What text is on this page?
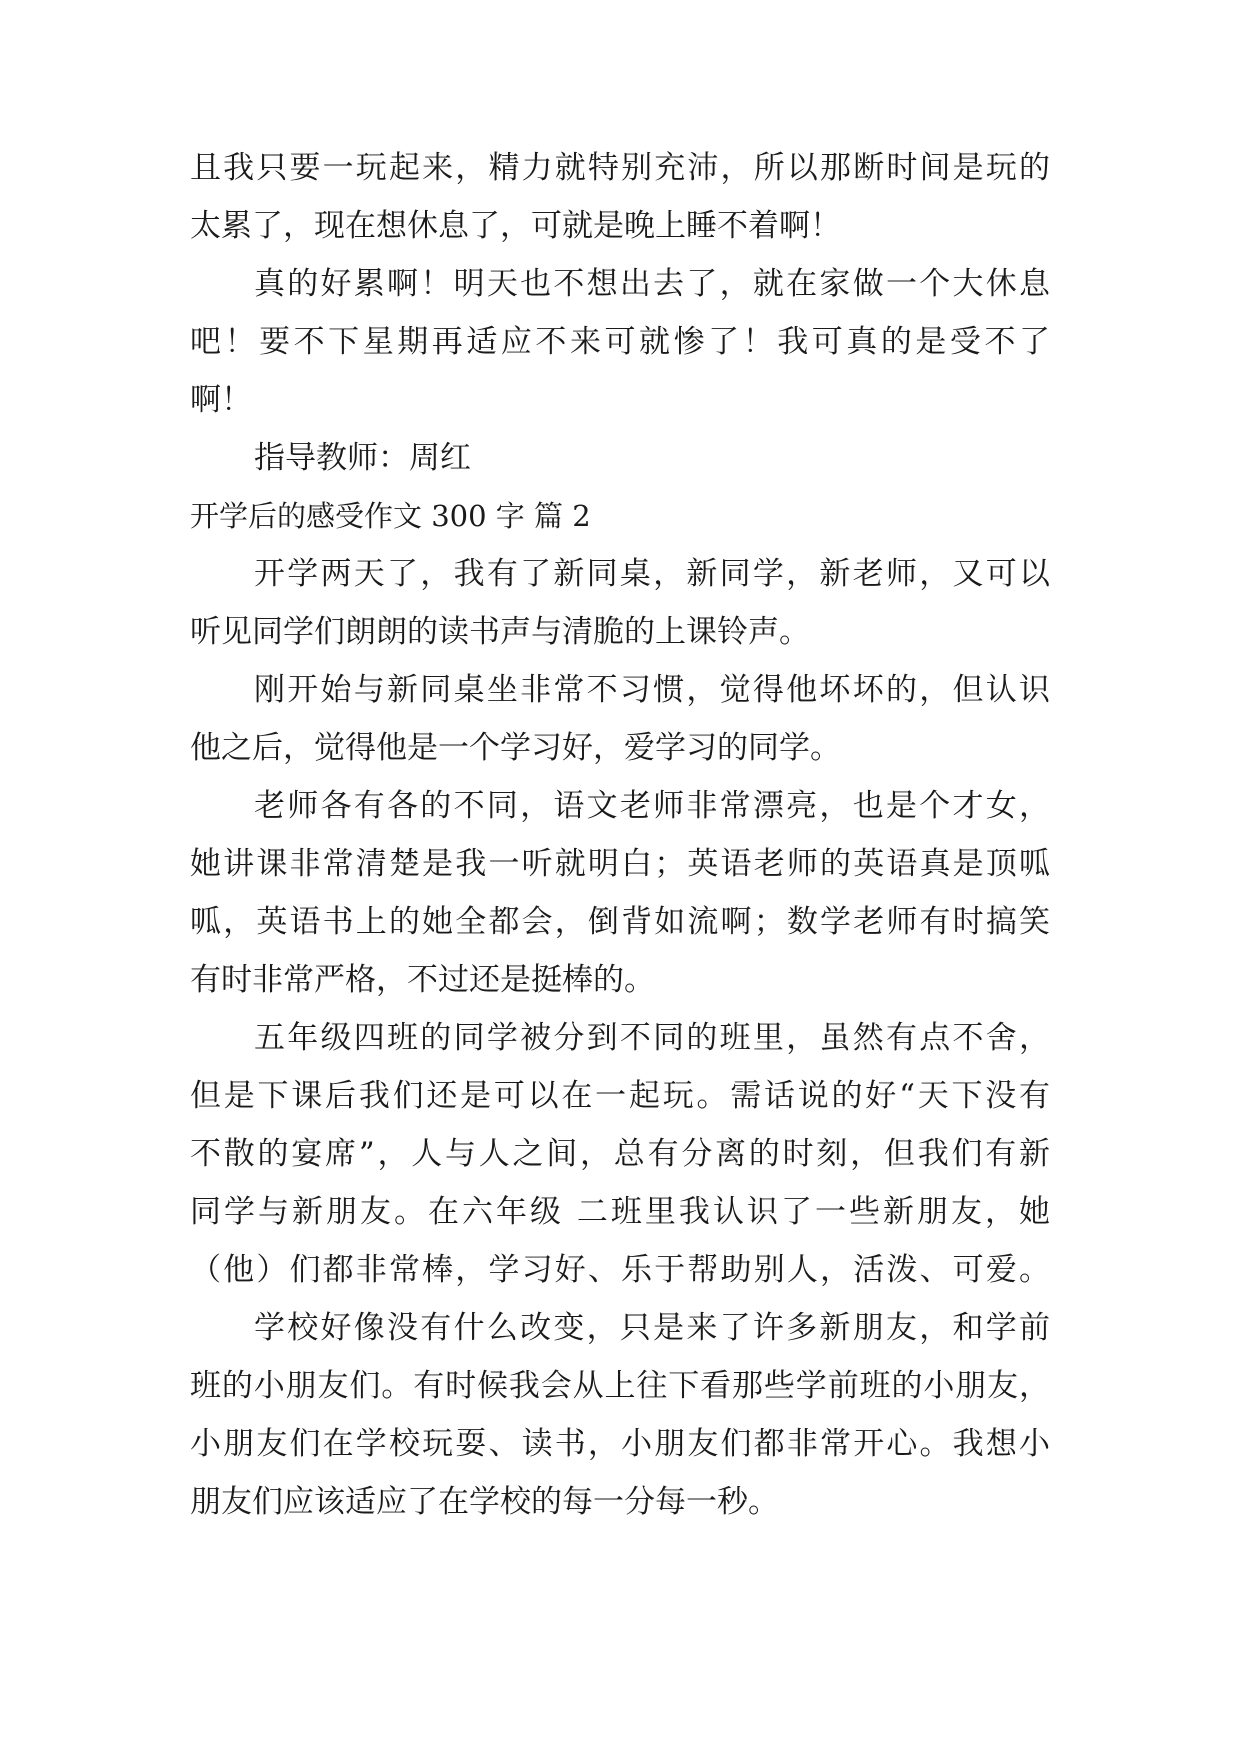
且我只要一玩起来，精力就特别充沛，所以那断时间是玩的
太累了，现在想休息了，可就是晚上睡不着啊！
真的好累啊！明天也不想出去了，就在家做一个大休息
吧！要不下星期再适应不来可就惨了！我可真的是受不了
啊！
指导教师：周红
开学后的感受作文 300 字 篇 2
开学两天了，我有了新同桌，新同学，新老师，又可以
听见同学们朗朗的读书声与清脆的上课铃声。
刚开始与新同桌坐非常不习惯，觉得他坏坏的，但认识
他之后，觉得他是一个学习好，爱学习的同学。
老师各有各的不同，语文老师非常漂亮，也是个才女，
她讲课非常清楚是我一听就明白；英语老师的英语真是顶呱
呱，英语书上的她全都会，倒背如流啊；数学老师有时搞笑
有时非常严格，不过还是挺棒的。
五年级四班的同学被分到不同的班里，虽然有点不舍，
但是下课后我们还是可以在一起玩。需话说的好“天下没有
不散的宴席”，人与人之间，总有分离的时刻，但我们有新
同学与新朋友。在六年级 二班里我认识了一些新朋友，她
（他）们都非常棒，学习好、乐于帮助别人，活泼、可爱。
学校好像没有什么改变，只是来了许多新朋友，和学前
班的小朋友们。有时候我会从上往下看那些学前班的小朋友，
小朋友们在学校玩耍、读书，小朋友们都非常开心。我想小
朋友们应该适应了在学校的每一分每一秒。
